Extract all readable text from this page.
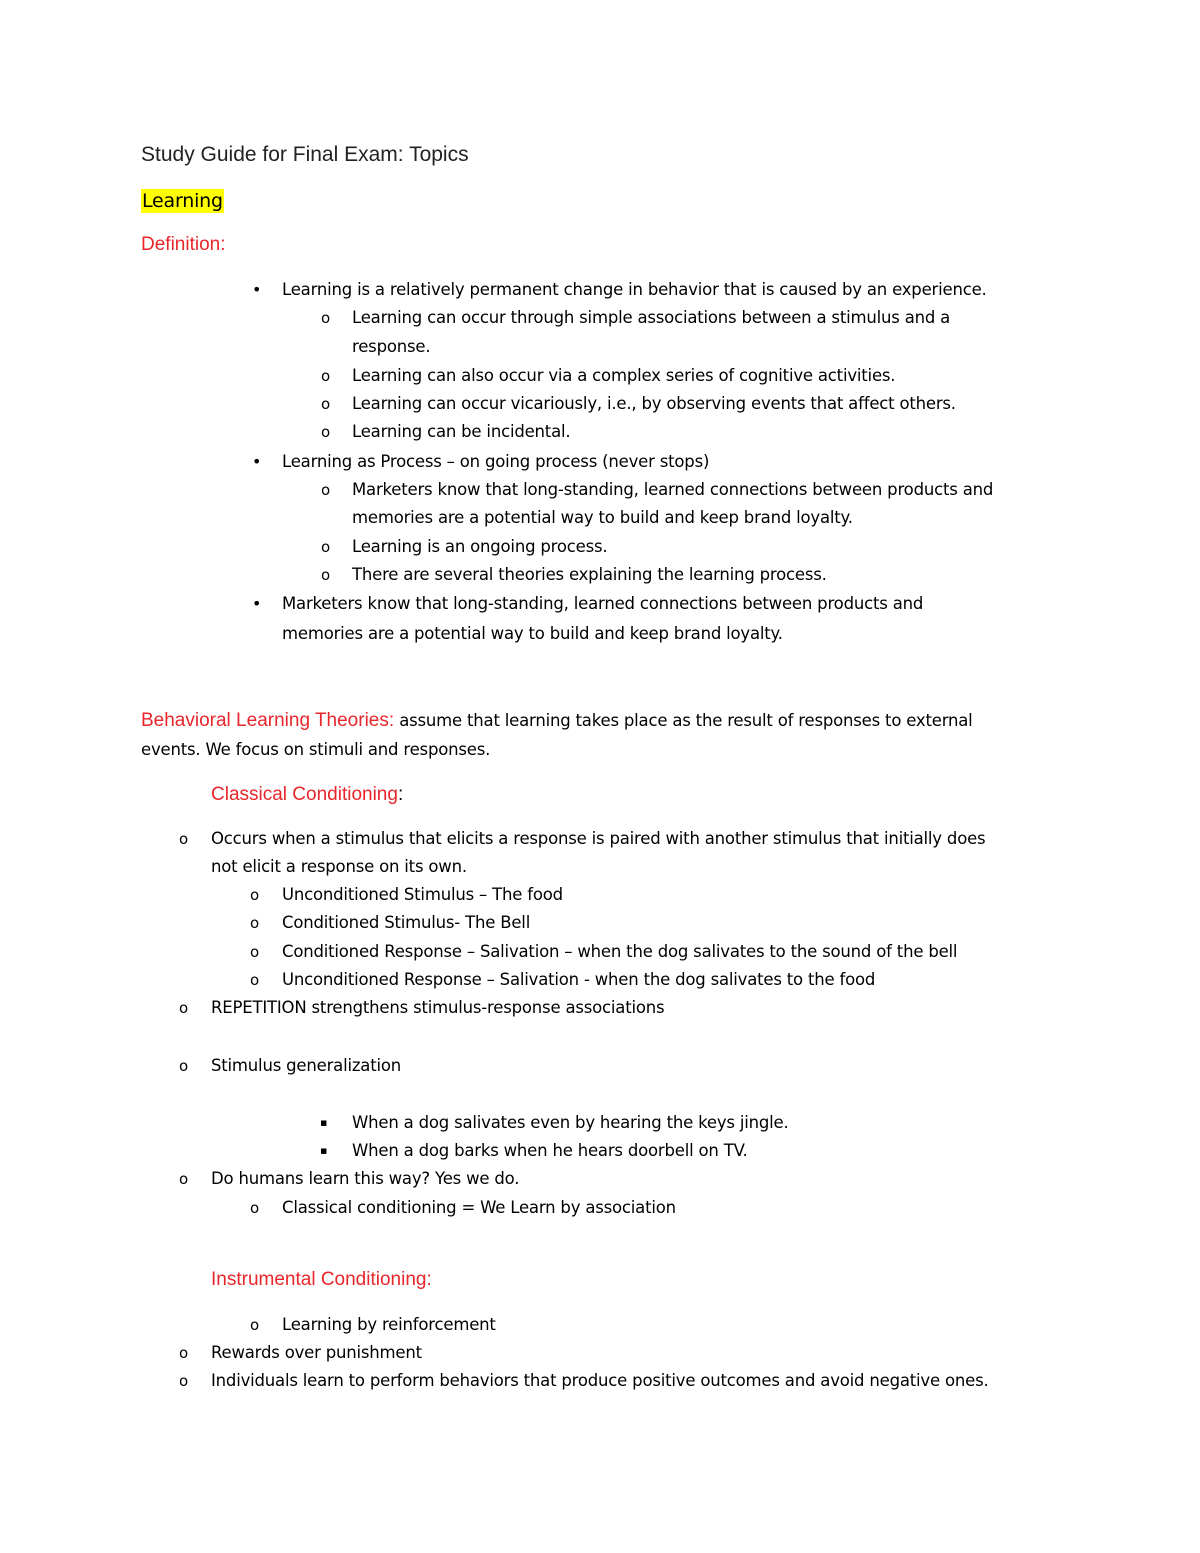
Study Guide for Final Exam: Topics
Learning
Definition:
• Learning is a relatively permanent change in behavior that is caused by an experience.
o Learning can occur through simple associations between a stimulus and a
response.
o Learning can also occur via a complex series of cognitive activities.
o Learning can occur vicariously, i.e., by observing events that affect others.
o Learning can be incidental.
• Learning as Process – on going process (never stops)
o Marketers know that long-standing, learned connections between products and
memories are a potential way to build and keep brand loyalty.
o Learning is an ongoing process.
o There are several theories explaining the learning process.
• Marketers know that long-standing, learned connections between products and
memories are a potential way to build and keep brand loyalty.
Behavioral Learning Theories: assume that learning takes place as the result of responses to external
events. We focus on stimuli and responses.
Classical Conditioning:
o Occurs when a stimulus that elicits a response is paired with another stimulus that initially does
not elicit a response on its own.
o Unconditioned Stimulus – The food
o Conditioned Stimulus- The Bell
o Conditioned Response – Salivation – when the dog salivates to the sound of the bell
o Unconditioned Response – Salivation - when the dog salivates to the food
o REPETITION strengthens stimulus-response associations
o Stimulus generalization
▪ When a dog salivates even by hearing the keys jingle.
▪ When a dog barks when he hears doorbell on TV.
o Do humans learn this way? Yes we do.
o Classical conditioning = We Learn by association
Instrumental Conditioning:
o Learning by reinforcement
o Rewards over punishment
o Individuals learn to perform behaviors that produce positive outcomes and avoid negative ones.
